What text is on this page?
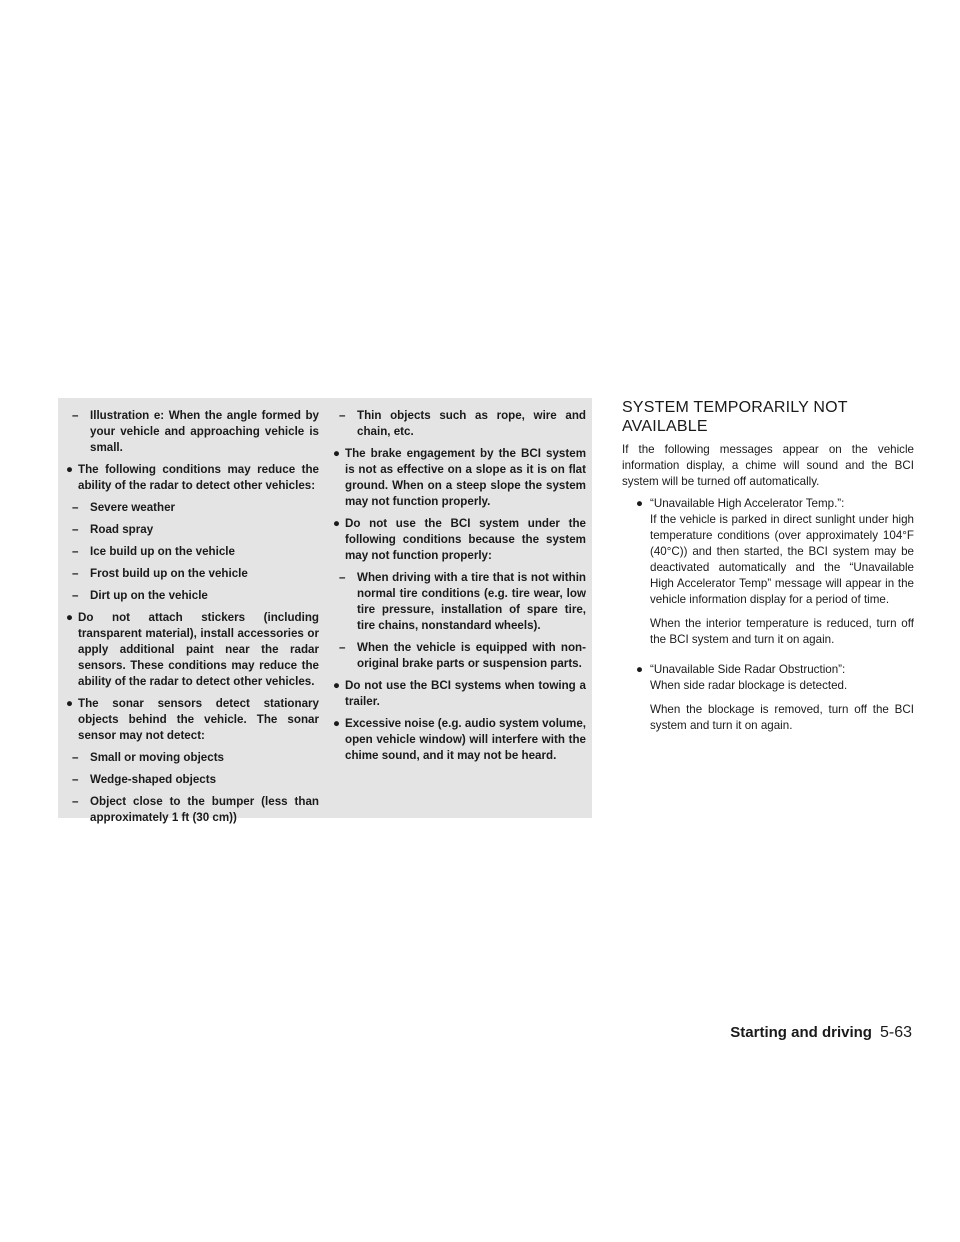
– Illustration e: When the angle formed by your vehicle and approaching vehicle is small.
● The following conditions may reduce the ability of the radar to detect other vehicles:
– Severe weather
– Road spray
– Ice build up on the vehicle
– Frost build up on the vehicle
– Dirt up on the vehicle
● Do not attach stickers (including transparent material), install accessories or apply additional paint near the radar sensors. These conditions may reduce the ability of the radar to detect other vehicles.
● The sonar sensors detect stationary objects behind the vehicle. The sonar sensor may not detect:
– Small or moving objects
– Wedge-shaped objects
– Object close to the bumper (less than approximately 1 ft (30 cm))
– Thin objects such as rope, wire and chain, etc.
● The brake engagement by the BCI system is not as effective on a slope as it is on flat ground. When on a steep slope the system may not function properly.
● Do not use the BCI system under the following conditions because the system may not function properly:
– When driving with a tire that is not within normal tire conditions (e.g. tire wear, low tire pressure, installation of spare tire, tire chains, nonstandard wheels).
– When the vehicle is equipped with non-original brake parts or suspension parts.
● Do not use the BCI systems when towing a trailer.
● Excessive noise (e.g. audio system volume, open vehicle window) will interfere with the chime sound, and it may not be heard.
SYSTEM TEMPORARILY NOT AVAILABLE
If the following messages appear on the vehicle information display, a chime will sound and the BCI system will be turned off automatically.
● “Unavailable High Accelerator Temp.”:

If the vehicle is parked in direct sunlight under high temperature conditions (over approximately 104°F (40°C)) and then started, the BCI system may be deactivated automatically and the “Unavailable High Accelerator Temp” message will appear in the vehicle information display for a period of time.

When the interior temperature is reduced, turn off the BCI system and turn it on again.

● “Unavailable Side Radar Obstruction”:

When side radar blockage is detected.

When the blockage is removed, turn off the BCI system and turn it on again.

Starting and driving 5-63
